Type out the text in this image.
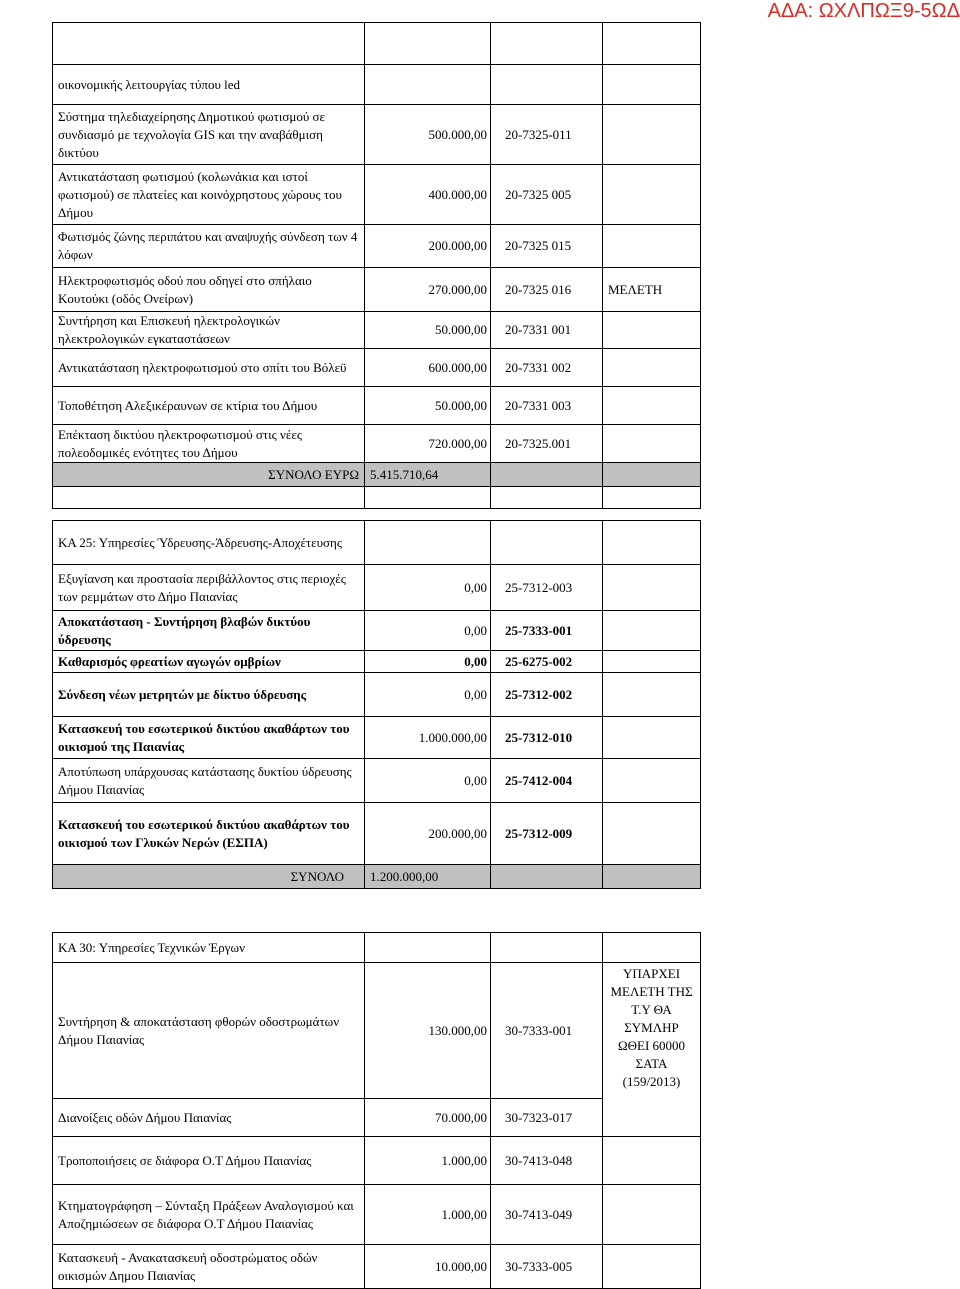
ΑΔΑ: ΩΧΛΠΩΞ9-5ΩΔ

οικονομικής λειτουργίας τύπου led			
Σύστημα τηλεδιαχείρησης Δημοτικού φωτισμού σε συνδιασμό με τεχνολογία GIS και την αναβάθμιση δικτύου	500.000,00	20-7325-011	
Αντικατάσταση φωτισμού (κολωνάκια και ιστοί φωτισμού) σε πλατείες και κοινόχρηστους χώρους του Δήμου	400.000,00	20-7325 005	
Φωτισμός ζώνης περιπάτου και αναψυχής σύνδεση των 4 λόφων	200.000,00	20-7325 015	
Ηλεκτροφωτισμός οδού που οδηγεί στο σπήλαιο Κουτούκι (οδός Ονείρων)	270.000,00	20-7325 016	ΜΕΛΕΤΗ
Συντήρηση και Επισκευή ηλεκτρολογικών ηλεκτρολογικών εγκαταστάσεων	50.000,00	20-7331 001	
Αντικατάσταση ηλεκτροφωτισμού στο σπίτι του Βόλεϋ	600.000,00	20-7331 002	
Τοποθέτηση Αλεξικέραυνων σε κτίρια του Δήμου	50.000,00	20-7331 003	
Επέκταση δικτύου ηλεκτροφωτισμού στις νέες πολεοδομικές ενότητες του Δήμου	720.000,00	20-7325.001	
ΣΥΝΟΛΟ ΕΥΡΩ	5.415.710,64		

ΚΑ 25: Υπηρεσίες Ύδρευσης-Άδρευσης-Αποχέτευσης			
Εξυγίανση και προστασία περιβάλλοντος στις περιοχές των ρεμμάτων στο Δήμο Παιανίας	0,00	25-7312-003	
Αποκατάσταση - Συντήρηση βλαβών δικτύου ύδρευσης	0,00	25-7333-001	
Καθαρισμός φρεατίων αγωγών ομβρίων	0,00	25-6275-002	
Σύνδεση νέων μετρητών με δίκτυο ύδρευσης	0,00	25-7312-002	
Κατασκευή του εσωτερικού δικτύου ακαθάρτων του οικισμού της Παιανίας	1.000.000,00	25-7312-010	
Αποτύπωση υπάρχουσας κατάστασης δυκτίου ύδρευσης Δήμου Παιανίας	0,00	25-7412-004	
Κατασκευή του εσωτερικού δικτύου ακαθάρτων του οικισμού των Γλυκών Νερών (ΕΣΠΑ)	200.000,00	25-7312-009	
ΣΥΝΟΛΟ	1.200.000,00		
ΚΑ 30: Υπηρεσίες Τεχνικών Έργων			
Συντήρηση & αποκατάσταση φθορών οδοστρωμάτων Δήμου Παιανίας	130.000,00	30-7333-001	ΥΠΑΡΧΕΙ ΜΕΛΕΤΗ ΤΗΣ Τ.Υ ΘΑ ΣΥΜΛΗΡ ΩΘΕΙ 60000 ΣΑΤΑ (159/2013)
Διανοίξεις οδών Δήμου Παιανίας	70.000,00	30-7323-017	
Τροποποιήσεις σε διάφορα Ο.Τ Δήμου Παιανίας	1.000,00	30-7413-048	
Κτηματογράφηση – Σύνταξη Πράξεων Αναλογισμού και Αποζημιώσεων σε διάφορα Ο.Τ Δήμου Παιανίας	1.000,00	30-7413-049	
Κατασκευή - Ανακατασκευή οδοστρώματος οδών οικισμών Δημου Παιανίας	10.000,00	30-7333-005	
